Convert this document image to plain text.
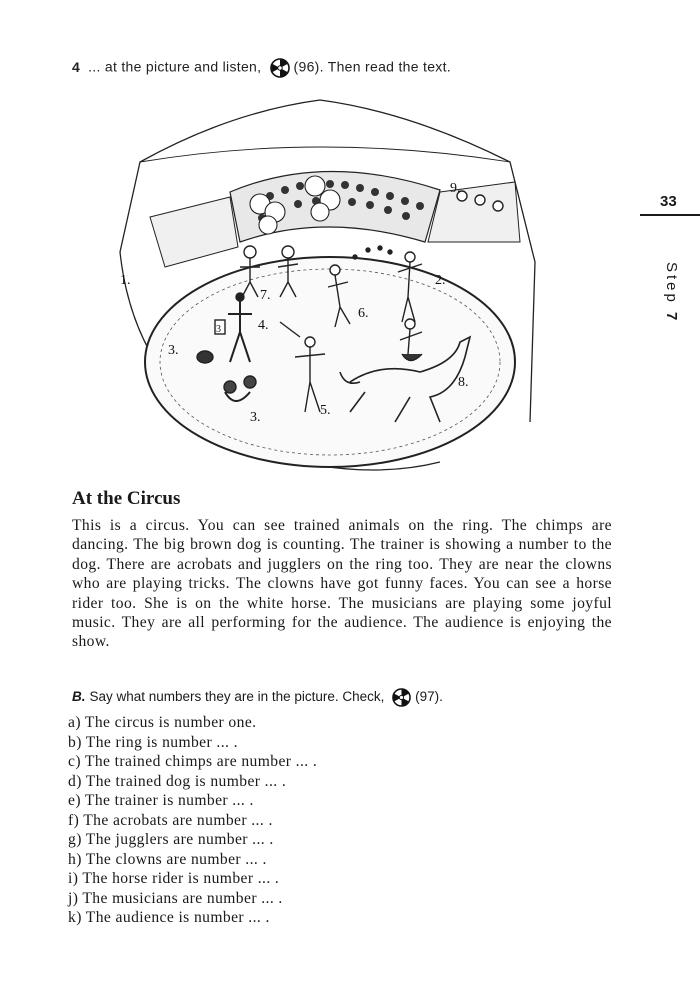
4 ... at the picture and listen, (96). Then read the text.
33
Step 7
1.	2.
3.
3.
4.
5.
6.
7.
8.
9.
3
At the Circus
This is a circus. You can see trained animals on the ring. The chimps are dancing. The big brown dog is counting. The trainer is showing a number to the dog. There are acrobats and jugglers on the ring too. They are near the clowns who are playing tricks. The clowns have got funny faces. You can see a horse rider too. She is on the white horse. The musicians are playing some joyful music. They are all performing for the audience. The audience is enjoying the show.
B. Say what numbers they are in the picture. Check, (97).
a) The circus is number one.
b) The ring is number ... .
c) The trained chimps are number ... .
d) The trained dog is number ... .
e) The trainer is number ... .
f) The acrobats are number ... .
g) The jugglers are number ... .
h) The clowns are number ... .
i) The horse rider is number ... .
j) The musicians are number ... .
k) The audience is number ... .
